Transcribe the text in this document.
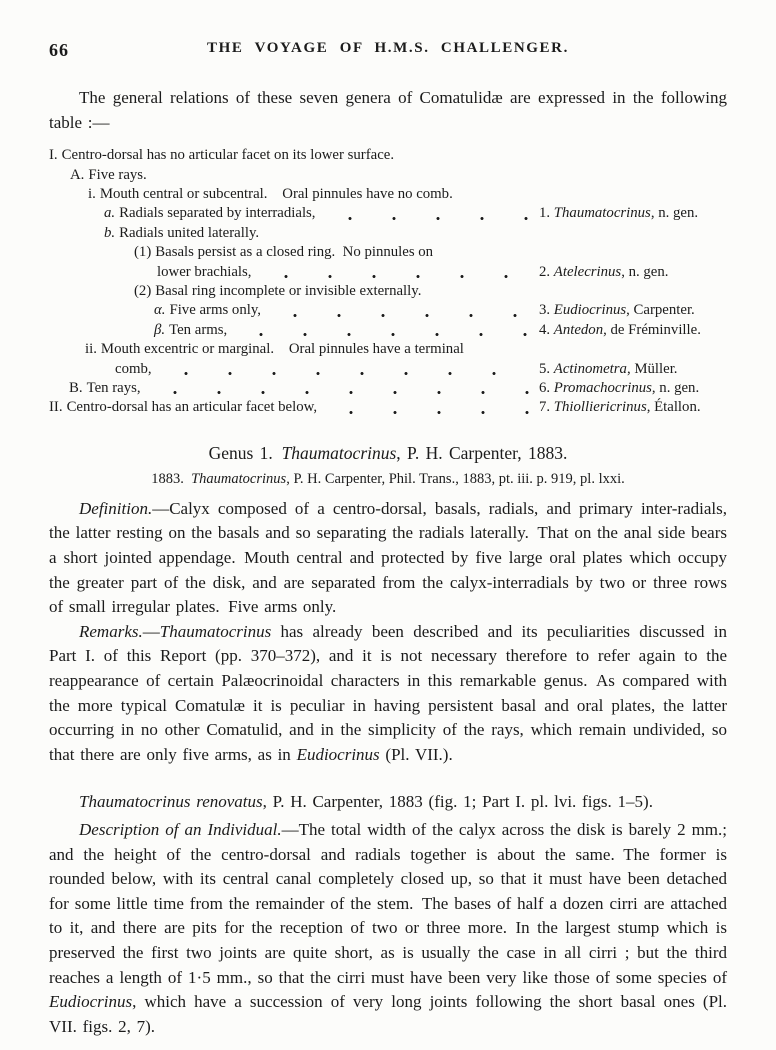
66	THE VOYAGE OF H.M.S. CHALLENGER.

The general relations of these seven genera of Comatulidæ are expressed in the following table :—

I. Centro-dorsal has no articular facet on its lower surface.
A. Five rays.
i. Mouth central or subcentral. Oral pinnules have no comb.
a. Radials separated by interradials,	1. Thaumatocrinus, n. gen.
b. Radials united laterally.
(1) Basals persist as a closed ring. No pinnules on
lower brachials,	2. Atelecrinus, n. gen.
(2) Basal ring incomplete or invisible externally.
α. Five arms only,	3. Eudiocrinus, Carpenter.
β. Ten arms,	4. Antedon, de Fréminville.
ii. Mouth excentric or marginal. Oral pinnules have a terminal
comb,	5. Actinometra, Müller.
B. Ten rays,	6. Promachocrinus, n. gen.
II. Centro-dorsal has an articular facet below,	7. Thiolliericrinus, Étallon.
Genus 1. Thaumatocrinus, P. H. Carpenter, 1883.

1883. Thaumatocrinus, P. H. Carpenter, Phil. Trans., 1883, pt. iii. p. 919, pl. lxxi.

Definition.—Calyx composed of a centro-dorsal, basals, radials, and primary inter-radials, the latter resting on the basals and so separating the radials laterally. That on the anal side bears a short jointed appendage. Mouth central and protected by five large oral plates which occupy the greater part of the disk, and are separated from the calyx-interradials by two or three rows of small irregular plates. Five arms only.

Remarks.—Thaumatocrinus has already been described and its peculiarities discussed in Part I. of this Report (pp. 370–372), and it is not necessary therefore to refer again to the reappearance of certain Palæocrinoidal characters in this remarkable genus. As compared with the more typical Comatulæ it is peculiar in having persistent basal and oral plates, the latter occurring in no other Comatulid, and in the simplicity of the rays, which remain undivided, so that there are only five arms, as in Eudiocrinus (Pl. VII.).

Thaumatocrinus renovatus, P. H. Carpenter, 1883 (fig. 1; Part I. pl. lvi. figs. 1–5).

Description of an Individual.—The total width of the calyx across the disk is barely 2 mm.; and the height of the centro-dorsal and radials together is about the same. The former is rounded below, with its central canal completely closed up, so that it must have been detached for some little time from the remainder of the stem. The bases of half a dozen cirri are attached to it, and there are pits for the reception of two or three more. In the largest stump which is preserved the first two joints are quite short, as is usually the case in all cirri ; but the third reaches a length of 1·5 mm., so that the cirri must have been very like those of some species of Eudiocrinus, which have a succession of very long joints following the short basal ones (Pl. VII. figs. 2, 7).
